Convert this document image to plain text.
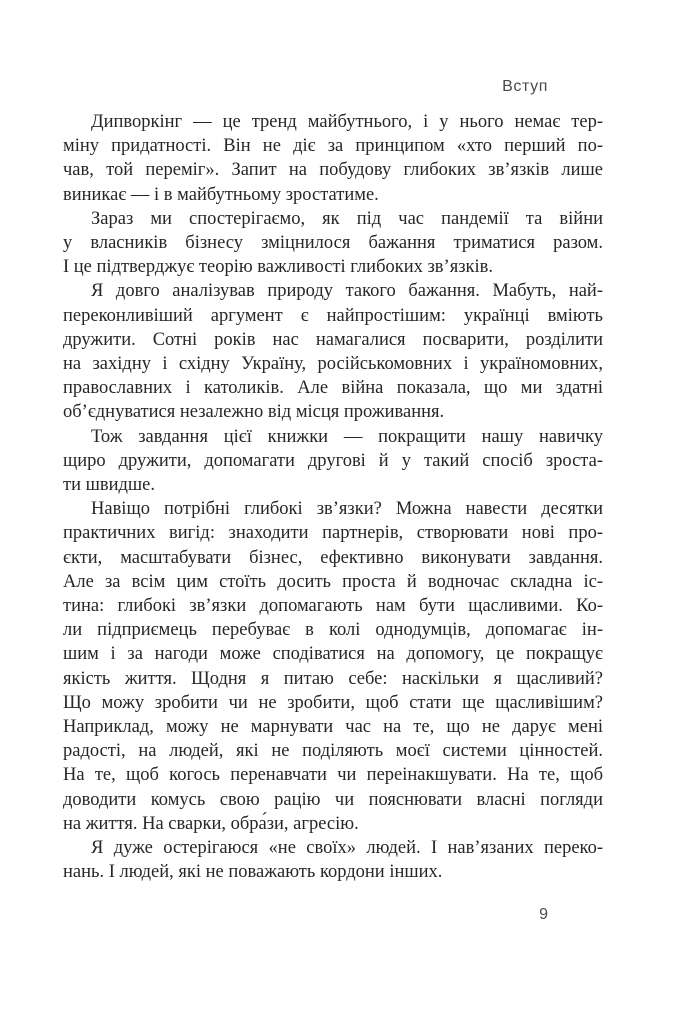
Вступ
Дипворкінг — це тренд майбутнього, і у нього немає тер-
міну придатності. Він не діє за принципом «хто перший по-
чав, той переміг». Запит на побудову глибоких зв’язків лише
виникає — і в майбутньому зростатиме.
Зараз ми спостерігаємо, як під час пандемії та війни
у власників бізнесу зміцнилося бажання триматися разом.
І це підтверджує теорію важливості глибоких зв’язків.
Я довго аналізував природу такого бажання. Мабуть, най-
переконливіший аргумент є найпростішим: українці вміють
дружити. Сотні років нас намагалися посварити, розділити
на західну і східну Україну, російськомовних і україномовних,
православних і католиків. Але війна показала, що ми здатні
об’єднуватися незалежно від місця проживання.
Тож завдання цієї книжки — покращити нашу навичку
щиро дружити, допомагати другові й у такий спосіб зроста-
ти швидше.
Навіщо потрібні глибокі зв’язки? Можна навести десятки
практичних вигід: знаходити партнерів, створювати нові про-
єкти, масштабувати бізнес, ефективно виконувати завдання.
Але за всім цим стоїть досить проста й водночас складна іс-
тина: глибокі зв’язки допомагають нам бути щасливими. Ко-
ли підприємець перебуває в колі однодумців, допомагає ін-
шим і за нагоди може сподіватися на допомогу, це покращує
якість життя. Щодня я питаю себе: наскільки я щасливий?
Що можу зробити чи не зробити, щоб стати ще щасливішим?
Наприклад, можу не марнувати час на те, що не дарує мені
радості, на людей, які не поділяють моєї системи цінностей.
На те, щоб когось перенавчати чи переінакшувати. На те, щоб
доводити комусь свою рацію чи пояснювати власні погляди
на життя. На сварки, обра́зи, агресію.
Я дуже остерігаюся «не своїх» людей. І нав’язаних переко-
нань. І людей, які не поважають кордони інших.
9
